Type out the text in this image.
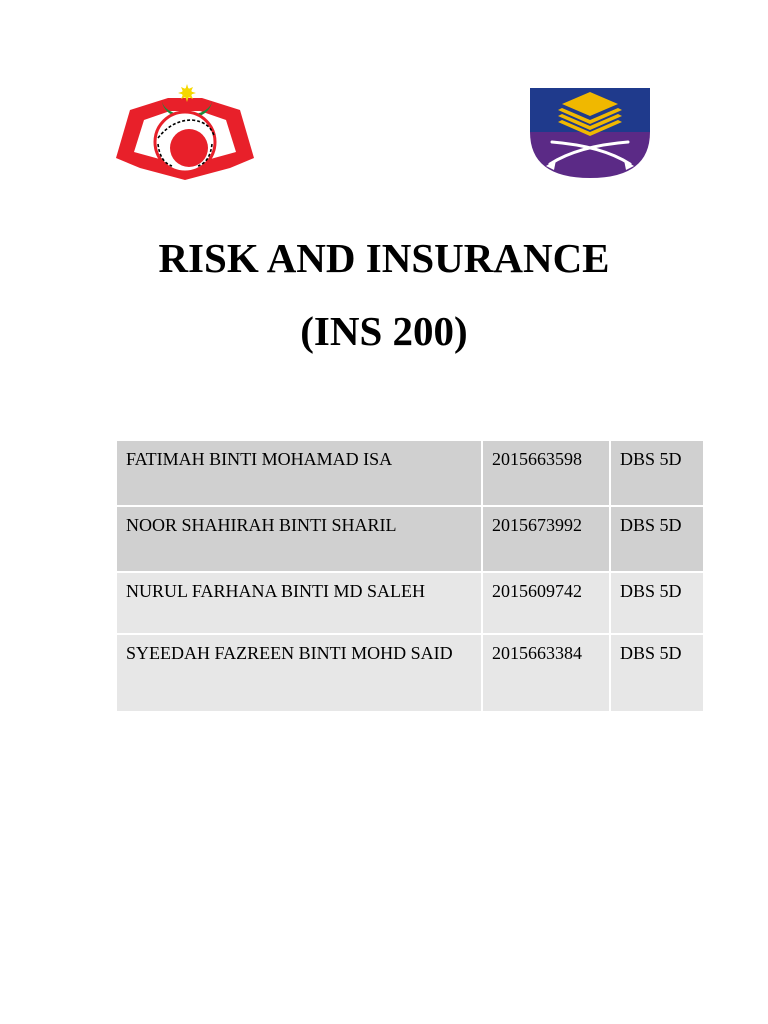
RISK AND INSURANCE
(INS 200)
FATIMAH BINTI MOHAMAD ISA	2015663598	DBS 5D
NOOR SHAHIRAH BINTI SHARIL	2015673992	DBS 5D
NURUL FARHANA BINTI MD SALEH	2015609742	DBS 5D
SYEEDAH FAZREEN BINTI MOHD SAID	2015663384	DBS 5D
